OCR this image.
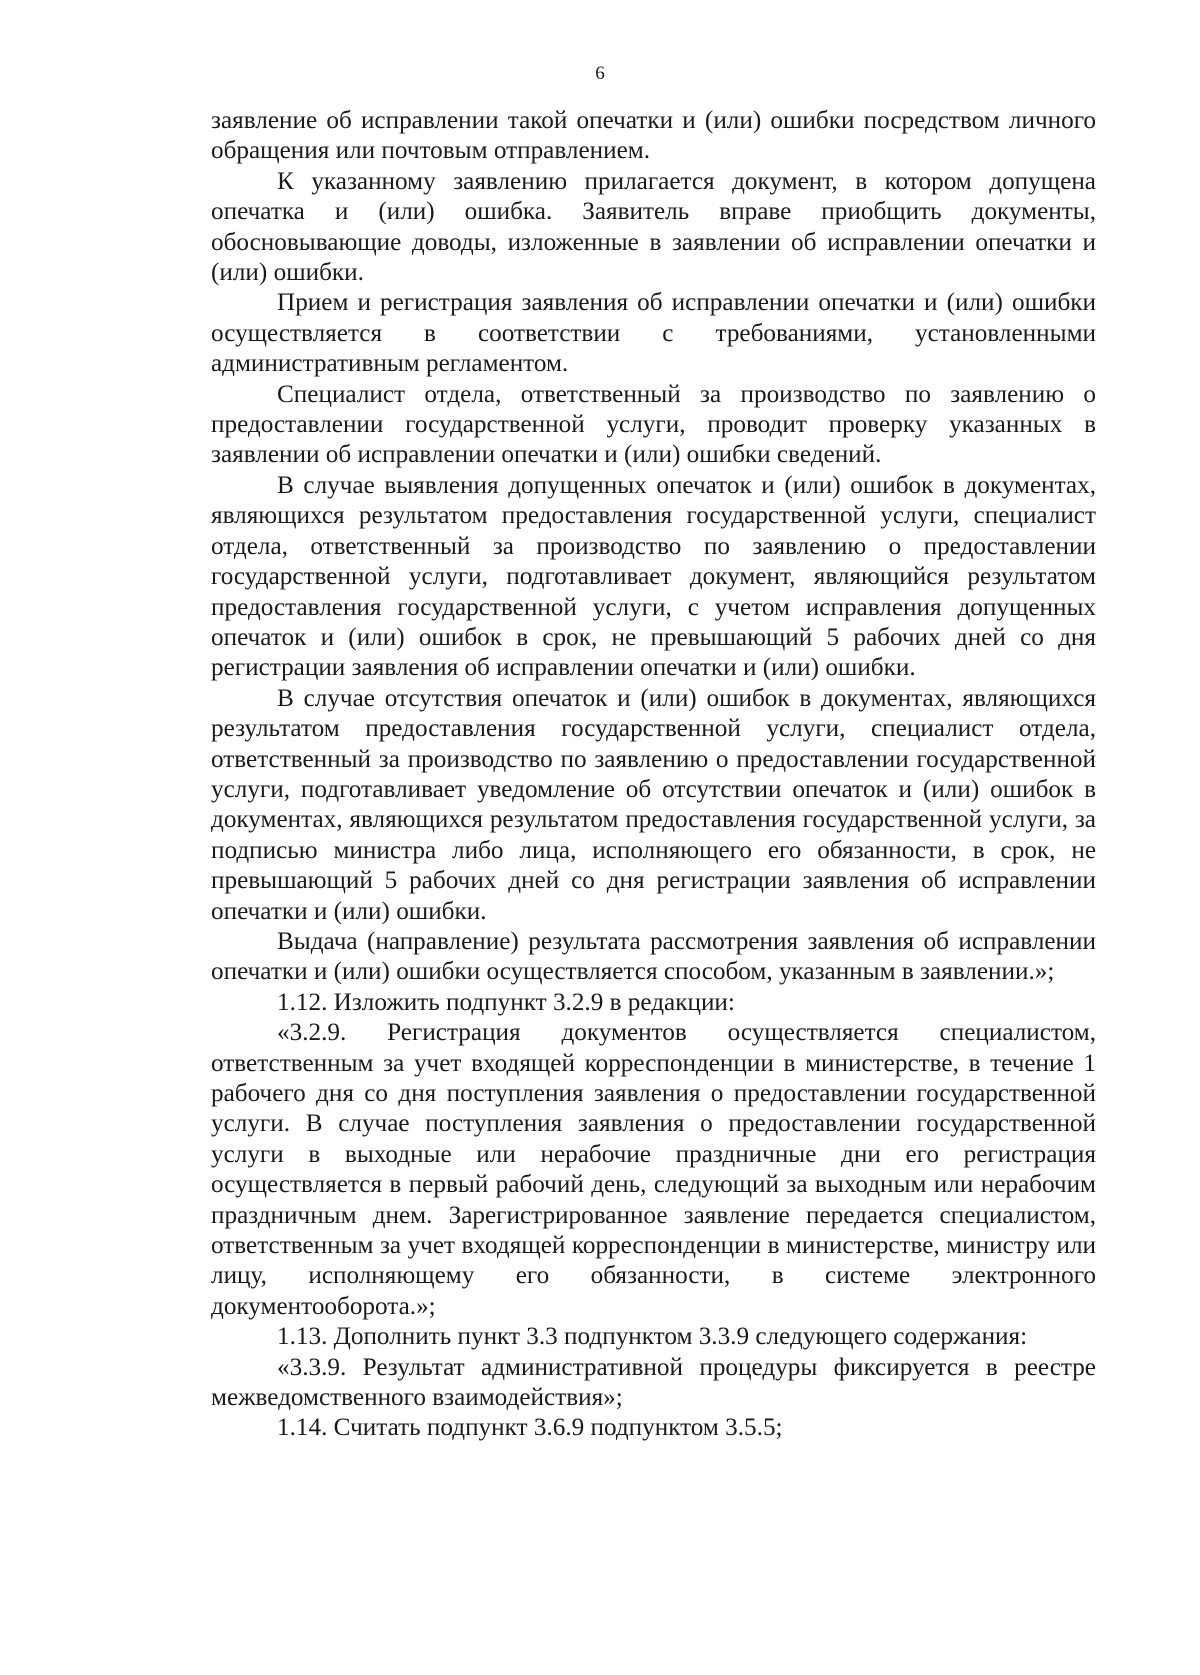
6

заявление об исправлении такой опечатки и (или) ошибки посредством личного обращения или почтовым отправлением.

К указанному заявлению прилагается документ, в котором допущена опечатка и (или) ошибка. Заявитель вправе приобщить документы, обосновывающие доводы, изложенные в заявлении об исправлении опечатки и (или) ошибки.

Прием и регистрация заявления об исправлении опечатки и (или) ошибки осуществляется в соответствии с требованиями, установленными административным регламентом.

Специалист отдела, ответственный за производство по заявлению о предоставлении государственной услуги, проводит проверку указанных в заявлении об исправлении опечатки и (или) ошибки сведений.

В случае выявления допущенных опечаток и (или) ошибок в документах, являющихся результатом предоставления государственной услуги, специалист отдела, ответственный за производство по заявлению о предоставлении государственной услуги, подготавливает документ, являющийся результатом предоставления государственной услуги, с учетом исправления допущенных опечаток и (или) ошибок в срок, не превышающий 5 рабочих дней со дня регистрации заявления об исправлении опечатки и (или) ошибки.

В случае отсутствия опечаток и (или) ошибок в документах, являющихся результатом предоставления государственной услуги, специалист отдела, ответственный за производство по заявлению о предоставлении государственной услуги, подготавливает уведомление об отсутствии опечаток и (или) ошибок в документах, являющихся результатом предоставления государственной услуги, за подписью министра либо лица, исполняющего его обязанности, в срок, не превышающий 5 рабочих дней со дня регистрации заявления об исправлении опечатки и (или) ошибки.

Выдача (направление) результата рассмотрения заявления об исправлении опечатки и (или) ошибки осуществляется способом, указанным в заявлении.»;

1.12. Изложить подпункт 3.2.9 в редакции:

«3.2.9. Регистрация документов осуществляется специалистом, ответственным за учет входящей корреспонденции в министерстве, в течение 1 рабочего дня со дня поступления заявления о предоставлении государственной услуги. В случае поступления заявления о предоставлении государственной услуги в выходные или нерабочие праздничные дни его регистрация осуществляется в первый рабочий день, следующий за выходным или нерабочим праздничным днем. Зарегистрированное заявление передается специалистом, ответственным за учет входящей корреспонденции в министерстве, министру или лицу, исполняющему его обязанности, в системе электронного документооборота.»;

1.13. Дополнить пункт 3.3 подпунктом 3.3.9 следующего содержания:

«3.3.9. Результат административной процедуры фиксируется в реестре межведомственного взаимодействия»;

1.14. Считать подпункт 3.6.9 подпунктом 3.5.5;
